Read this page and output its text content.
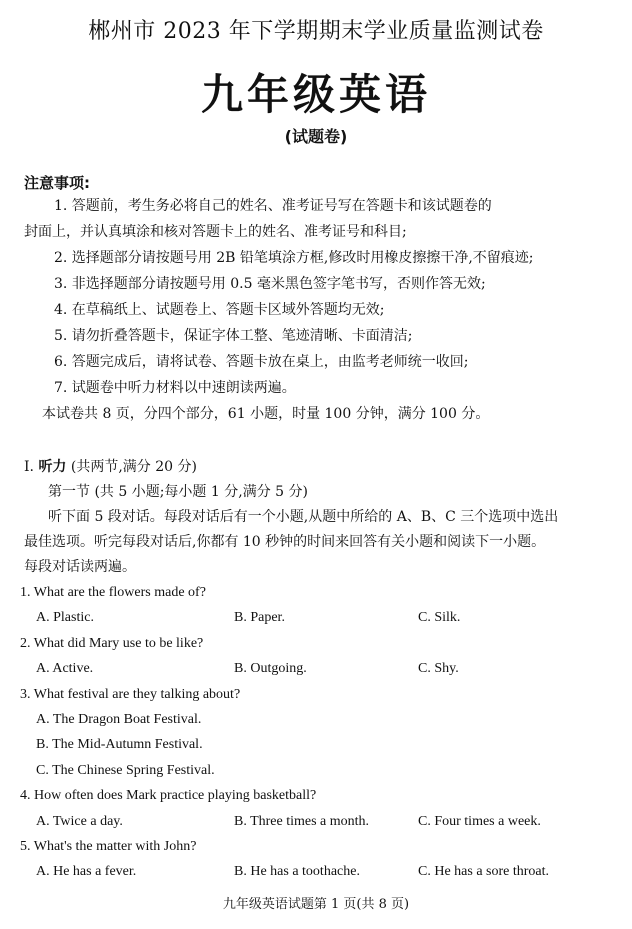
郴州市 2023 年下学期期末学业质量监测试卷
九年级英语
(试题卷)
注意事项:
1. 答题前，考生务必将自己的姓名、准考证号写在答题卡和该试题卷的
封面上，并认真填涂和核对答题卡上的姓名、准考证号和科目;
2. 选择题部分请按题号用 2B 铅笔填涂方框,修改时用橡皮擦擦干净,不留痕迹;
3. 非选择题部分请按题号用 0.5 毫米黑色签字笔书写，否则作答无效;
4. 在草稿纸上、试题卷上、答题卡区域外答题均无效;
5. 请勿折叠答题卡，保证字体工整、笔迹清晰、卡面清洁;
6. 答题完成后，请将试卷、答题卡放在桌上，由监考老师统一收回;
7. 试题卷中听力材料以中速朗读两遍。
本试卷共 8 页，分四个部分，61 小题，时量 100 分钟，满分 100 分。
Ⅰ. 听力 (共两节,满分 20 分)
第一节 (共 5 小题;每小题 1 分,满分 5 分)
听下面 5 段对话。每段对话后有一个小题,从题中所给的 A、B、C 三个选项中选出
最佳选项。听完每段对话后,你都有 10 秒钟的时间来回答有关小题和阅读下一小题。
每段对话读两遍。
1. What are the flowers made of?
A. Plastic.	B. Paper.	C. Silk.
2. What did Mary use to be like?
A. Active.	B. Outgoing.	C. Shy.
3. What festival are they talking about?
A. The Dragon Boat Festival.
B. The Mid-Autumn Festival.
C. The Chinese Spring Festival.
4. How often does Mark practice playing basketball?
A. Twice a day.	B. Three times a month.	C. Four times a week.
5. What's the matter with John?
A. He has a fever.	B. He has a toothache.	C. He has a sore throat.
九年级英语试题第 1 页(共 8 页)
